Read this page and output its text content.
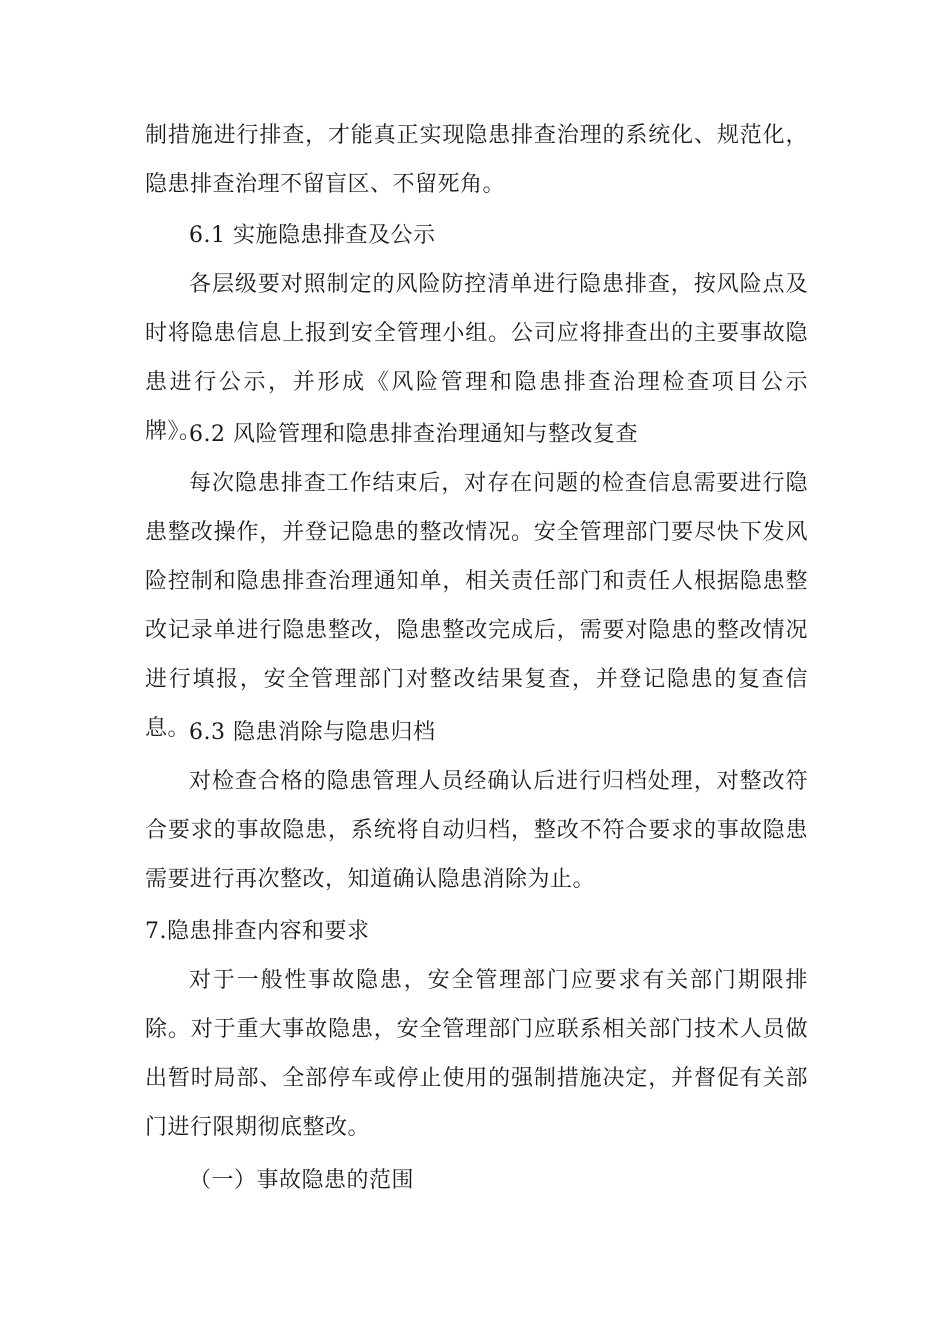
制措施进行排查，才能真正实现隐患排查治理的系统化、规范化，隐患排查治理不留盲区、不留死角。

6.1 实施隐患排查及公示

各层级要对照制定的风险防控清单进行隐患排查，按风险点及时将隐患信息上报到安全管理小组。公司应将排查出的主要事故隐患进行公示，并形成《风险管理和隐患排查治理检查项目公示牌》。

6.2 风险管理和隐患排查治理通知与整改复查

每次隐患排查工作结束后，对存在问题的检查信息需要进行隐患整改操作，并登记隐患的整改情况。安全管理部门要尽快下发风险控制和隐患排查治理通知单，相关责任部门和责任人根据隐患整改记录单进行隐患整改，隐患整改完成后，需要对隐患的整改情况进行填报，安全管理部门对整改结果复查，并登记隐患的复查信息。

6.3 隐患消除与隐患归档

对检查合格的隐患管理人员经确认后进行归档处理，对整改符合要求的事故隐患，系统将自动归档，整改不符合要求的事故隐患需要进行再次整改，知道确认隐患消除为止。

7.隐患排查内容和要求

对于一般性事故隐患，安全管理部门应要求有关部门期限排除。对于重大事故隐患，安全管理部门应联系相关部门技术人员做出暂时局部、全部停车或停止使用的强制措施决定，并督促有关部门进行限期彻底整改。

（一）事故隐患的范围
